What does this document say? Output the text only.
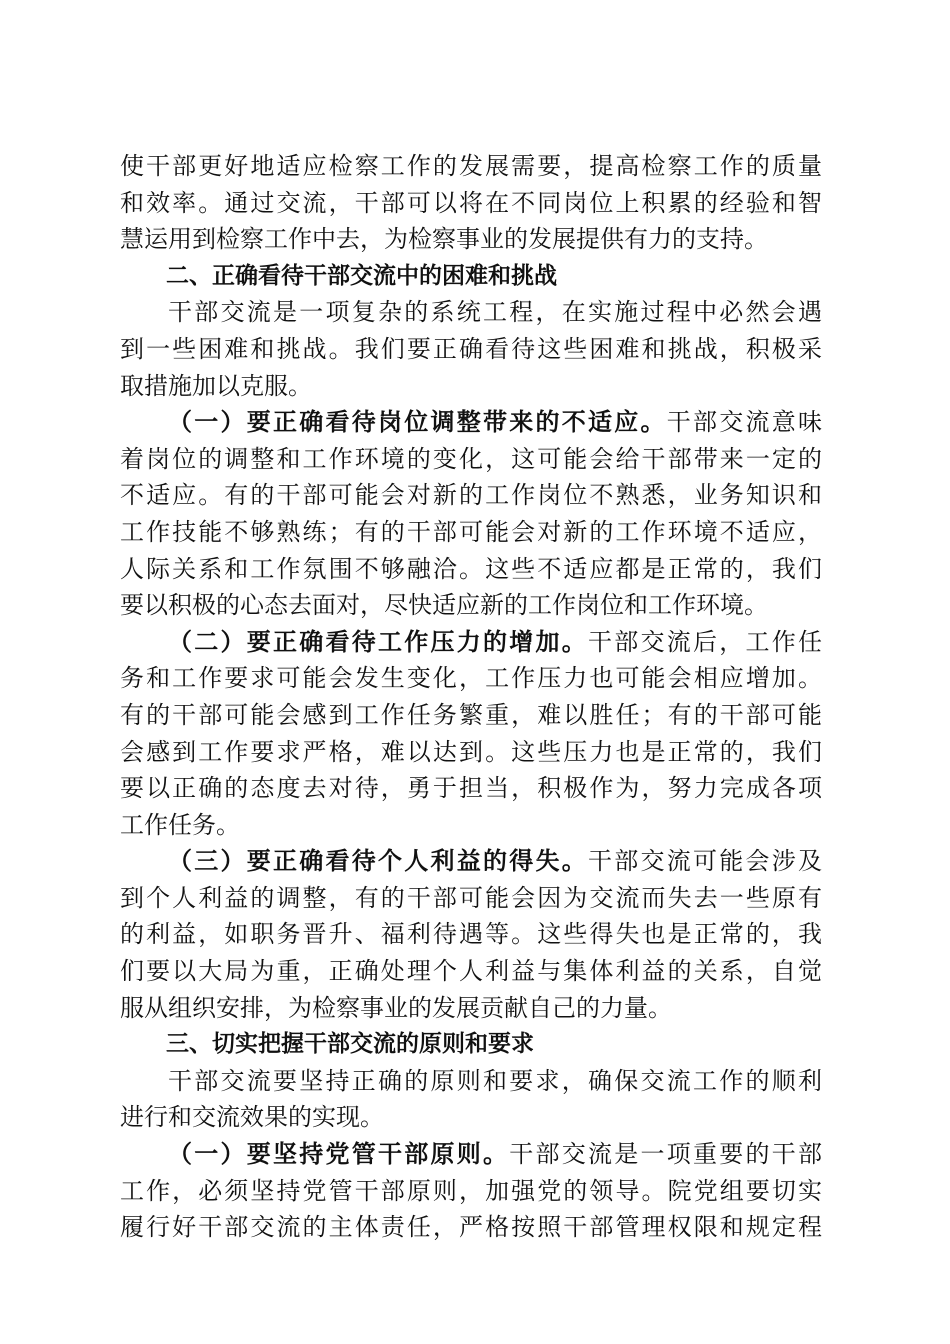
使干部更好地适应检察工作的发展需要，提高检察工作的质量
和效率。通过交流，干部可以将在不同岗位上积累的经验和智
慧运用到检察工作中去，为检察事业的发展提供有力的支持。
二、正确看待干部交流中的困难和挑战
干部交流是一项复杂的系统工程，在实施过程中必然会遇
到一些困难和挑战。我们要正确看待这些困难和挑战，积极采
取措施加以克服。
（一）要正确看待岗位调整带来的不适应。干部交流意味
着岗位的调整和工作环境的变化，这可能会给干部带来一定的
不适应。有的干部可能会对新的工作岗位不熟悉，业务知识和
工作技能不够熟练；有的干部可能会对新的工作环境不适应，
人际关系和工作氛围不够融洽。这些不适应都是正常的，我们
要以积极的心态去面对，尽快适应新的工作岗位和工作环境。
（二）要正确看待工作压力的增加。干部交流后，工作任
务和工作要求可能会发生变化，工作压力也可能会相应增加。
有的干部可能会感到工作任务繁重，难以胜任；有的干部可能
会感到工作要求严格，难以达到。这些压力也是正常的，我们
要以正确的态度去对待，勇于担当，积极作为，努力完成各项
工作任务。
（三）要正确看待个人利益的得失。干部交流可能会涉及
到个人利益的调整，有的干部可能会因为交流而失去一些原有
的利益，如职务晋升、福利待遇等。这些得失也是正常的，我
们要以大局为重，正确处理个人利益与集体利益的关系，自觉
服从组织安排，为检察事业的发展贡献自己的力量。
三、切实把握干部交流的原则和要求
干部交流要坚持正确的原则和要求，确保交流工作的顺利
进行和交流效果的实现。
（一）要坚持党管干部原则。干部交流是一项重要的干部
工作，必须坚持党管干部原则，加强党的领导。院党组要切实
履行好干部交流的主体责任，严格按照干部管理权限和规定程
